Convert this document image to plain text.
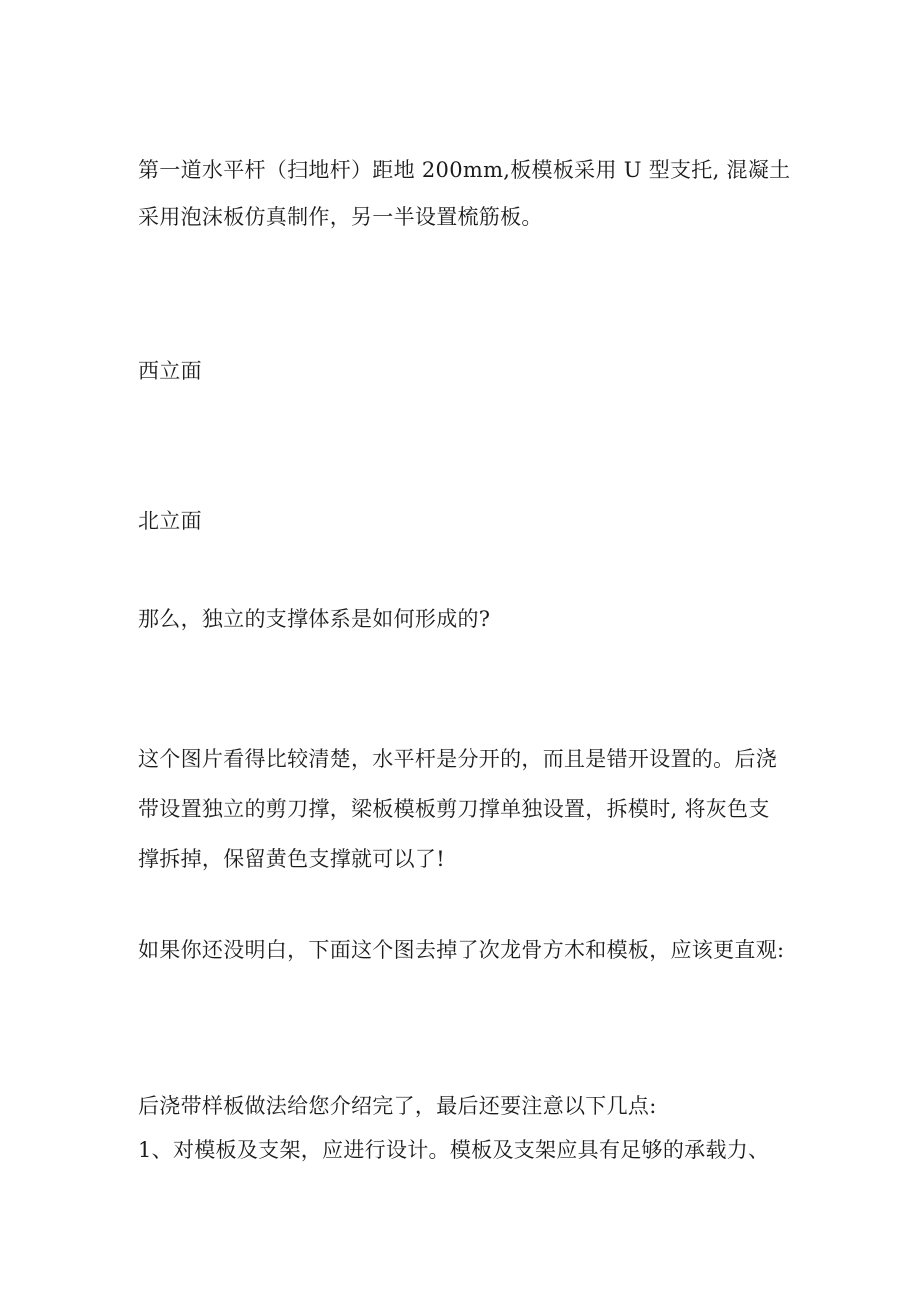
第一道水平杆（扫地杆）距地 200mm,板模板采用 U 型支托, 混凝土
采用泡沫板仿真制作，另一半设置梳筋板。
西立面
北立面
那么，独立的支撑体系是如何形成的?
这个图片看得比较清楚，水平杆是分开的，而且是错开设置的。后浇
带设置独立的剪刀撑，梁板模板剪刀撑单独设置，拆模时, 将灰色支
撑拆掉，保留黄色支撑就可以了!
如果你还没明白，下面这个图去掉了次龙骨方木和模板，应该更直观:
后浇带样板做法给您介绍完了，最后还要注意以下几点:
1、对模板及支架，应进行设计。模板及支架应具有足够的承载力、
